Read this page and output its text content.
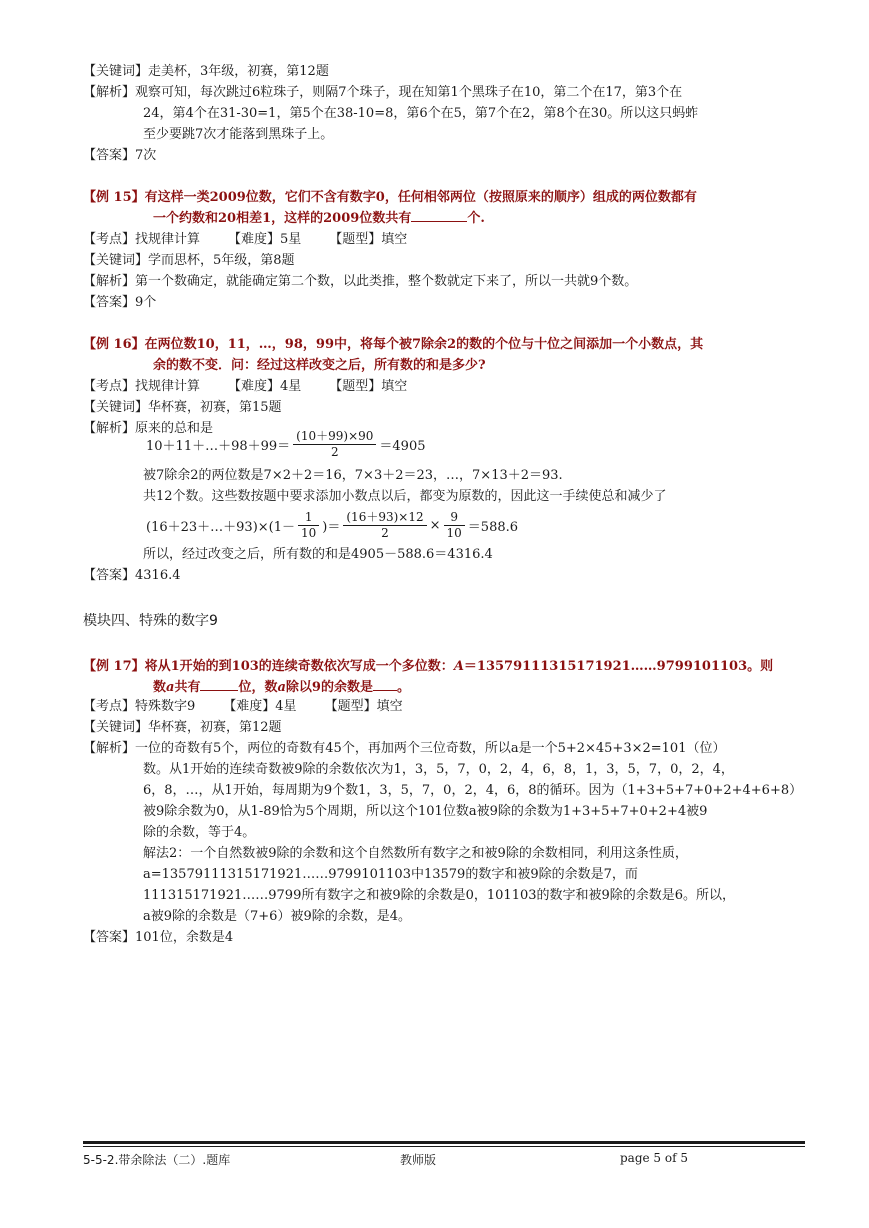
【关键词】走美杯，3年级，初赛，第12题
【解析】观察可知，每次跳过6粒珠子，则隔7个珠子，现在知第1个黑珠子在10，第二个在17，第3个在
24，第4个在31-30=1，第5个在38-10=8，第6个在5，第7个在2，第8个在30。所以这只蚂蚱
至少要跳7次才能落到黑珠子上。
【答案】7次
【例 15】有这样一类2009位数，它们不含有数字0，任何相邻两位（按照原来的顺序）组成的两位数都有
一个约数和20相差1，这样的2009位数共有	个.
【考点】找规律计算 【难度】5星 【题型】填空
【关键词】学而思杯，5年级，第8题
【解析】第一个数确定，就能确定第二个数，以此类推，整个数就定下来了，所以一共就9个数。
【答案】9个
【例 16】在两位数10，11，…，98，99中，将每个被7除余2的数的个位与十位之间添加一个小数点，其
余的数不变．问：经过这样改变之后，所有数的和是多少?
【考点】找规律计算 【难度】4星 【题型】填空
【关键词】华杯赛，初赛，第15题
【解析】原来的总和是
10＋11＋…＋98＋99＝ $\frac{(10+99)\times 90}{2} =4905$
被7除余2的两位数是7×2＋2＝16，7×3＋2＝23，…，7×13＋2＝93.
共12个数。这些数按题中要求添加小数点以后，都变为原数的，因此这一手续使总和减少了
(16＋23＋…＋93)×(1－ $\frac{1}{10}$ )＝ $\frac{(16+93)\times 12}{2} \times \frac{9}{10} =588.6$
所以，经过改变之后，所有数的和是4905－588.6＝4316.4
【答案】4316.4
模块四、特殊的数字9
【例 17】将从1开始的到103的连续奇数依次写成一个多位数：A＝13579111315171921……9799101103。则
数a共有	位，数a除以9的余数是 。
【考点】特殊数字9 【难度】4星 【题型】填空
【关键词】华杯赛，初赛，第12题
【解析】一位的奇数有5个，两位的奇数有45个，再加两个三位奇数，所以a是一个5+2×45+3×2=101（位）
数。从1开始的连续奇数被9除的余数依次为1，3，5，7，0，2，4，6，8，1，3，5，7，0，2，4，
6，8，…，从1开始，每周期为9个数1，3，5，7，0，2，4，6，8的循环。因为（1+3+5+7+0+2+4+6+8）
被9除余数为0，从1-89恰为5个周期，所以这个101位数a被9除的余数为1+3+5+7+0+2+4被9
除的余数，等于4。
解法2：一个自然数被9除的余数和这个自然数所有数字之和被9除的余数相同，利用这条性质，
a=13579111315171921……9799101103中13579的数字和被9除的余数是7，而
111315171921……9799所有数字之和被9除的余数是0，101103的数字和被9除的余数是6。所以，
a被9除的余数是（7+6）被9除的余数，是4。
【答案】101位，余数是4
5-5-2.带余除法（二）.题库	教师版	page 5 of 5
